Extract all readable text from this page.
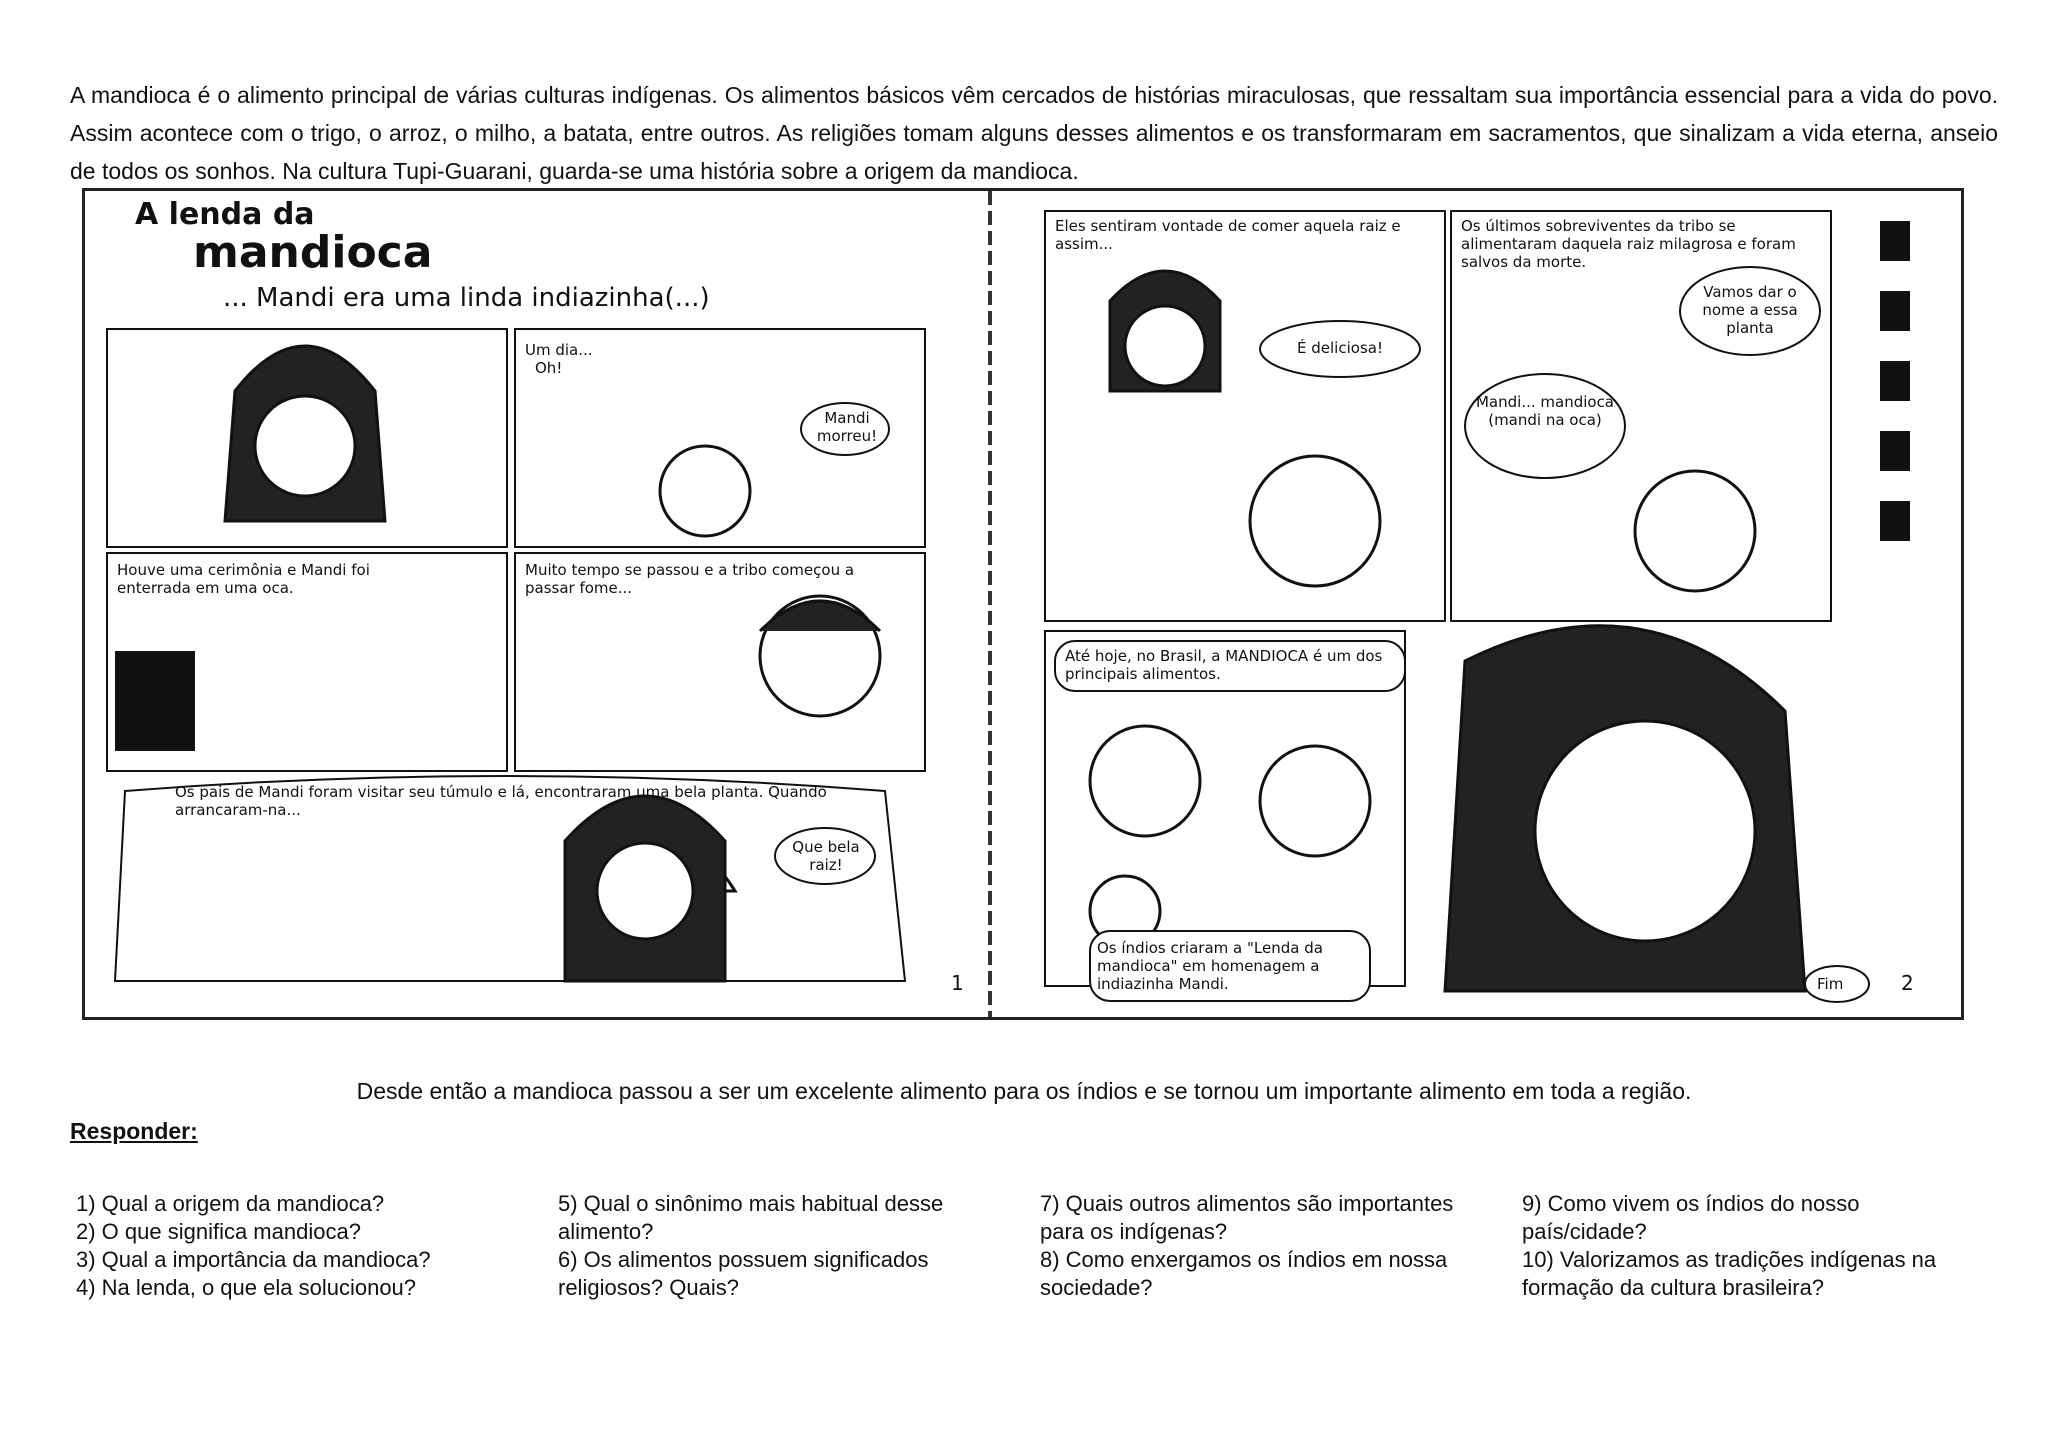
A mandioca é o alimento principal de várias culturas indígenas. Os alimentos básicos vêm cercados de histórias miraculosas, que ressaltam sua importância essencial para a vida do povo. Assim acontece com o trigo, o arroz, o milho, a batata, entre outros. As religiões tomam alguns desses alimentos e os transformaram em sacramentos, que sinalizam a vida eterna, anseio de todos os sonhos. Na cultura Tupi-Guarani, guarda-se uma história sobre a origem da mandioca.
A lenda da
mandioca
... Mandi era uma linda indiazinha(...)
Um dia...
Oh!
Mandi morreu!
Houve uma cerimônia e Mandi foi enterrada em uma oca.
Muito tempo se passou e a tribo começou a passar fome...
Os pais de Mandi foram visitar seu túmulo e lá, encontraram uma bela planta. Quando arrancaram-na...
Que bela raiz!
1
Eles sentiram vontade de comer aquela raiz e assim...
É deliciosa!
Os últimos sobreviventes da tribo se alimentaram daquela raiz milagrosa e foram salvos da morte.
Vamos dar o nome a essa planta
Mandi... mandioca (mandi na oca)
Até hoje, no Brasil, a MANDIOCA é um dos principais alimentos.
Os índios criaram a "Lenda da mandioca" em homenagem a indiazinha Mandi.	Fim	2
Desde então a mandioca passou a ser um excelente alimento para os índios e se tornou um importante alimento em toda a região.
Responder:
1) Qual a origem da mandioca?
2) O que significa mandioca?
3) Qual a importância da mandioca?
4) Na lenda, o que ela solucionou?
5) Qual o sinônimo mais habitual desse
alimento?
6) Os alimentos possuem significados
religiosos? Quais?
7) Quais outros alimentos são importantes
para os indígenas?
8) Como enxergamos os índios em nossa
sociedade?
9) Como vivem os índios do nosso
país/cidade?
10) Valorizamos as tradições indígenas na
formação da cultura brasileira?
